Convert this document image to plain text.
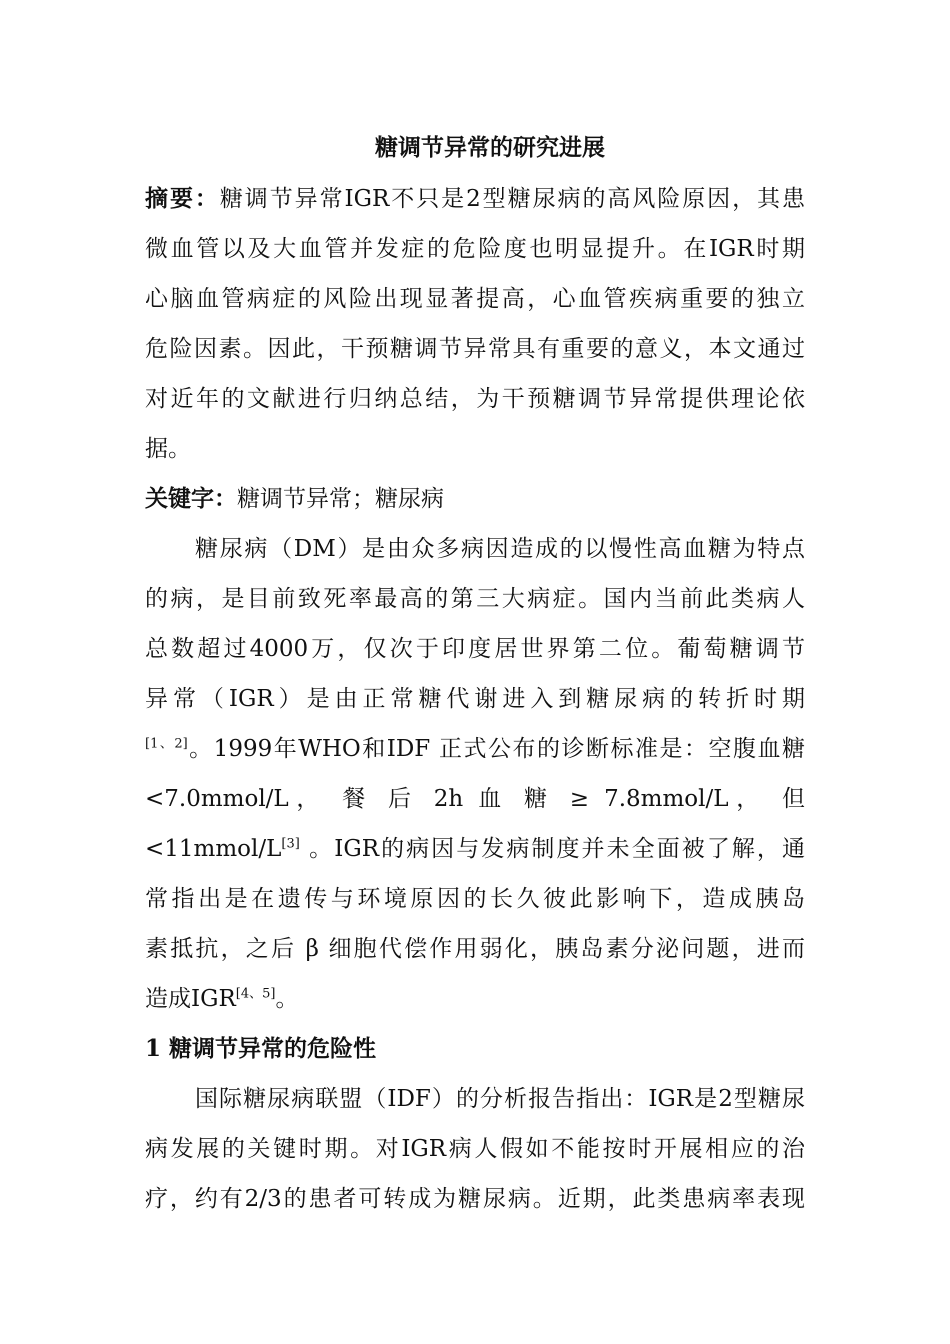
糖调节异常的研究进展
摘要：糖调节异常IGR不只是2型糖尿病的高风险原因，其患
微血管以及大血管并发症的危险度也明显提升。在IGR时期
心脑血管病症的风险出现显著提高，心血管疾病重要的独立
危险因素。因此，干预糖调节异常具有重要的意义，本文通过
对近年的文献进行归纳总结，为干预糖调节异常提供理论依
据。
关键字：糖调节异常；糖尿病
糖尿病（DM）是由众多病因造成的以慢性高血糖为特点
的病，是目前致死率最高的第三大病症。国内当前此类病人
总数超过4000万，仅次于印度居世界第二位。葡萄糖调节
异常（IGR）是由正常糖代谢进入到糖尿病的转折时期
[1、2]。1999年WHO和IDF 正式公布的诊断标准是：空腹血糖
<7.0mmol/L， 餐 后 2h 血 糖 ≥ 7.8mmol/L， 但
<11mmol/L[3] 。IGR的病因与发病制度并未全面被了解，通
常指出是在遗传与环境原因的长久彼此影响下，造成胰岛
素抵抗，之后 β 细胞代偿作用弱化，胰岛素分泌问题，进而
造成IGR[4、5]。
1 糖调节异常的危险性
国际糖尿病联盟（IDF）的分析报告指出：IGR是2型糖尿
病发展的关键时期。对IGR病人假如不能按时开展相应的治
疗，约有2/3的患者可转成为糖尿病。近期，此类患病率表现
